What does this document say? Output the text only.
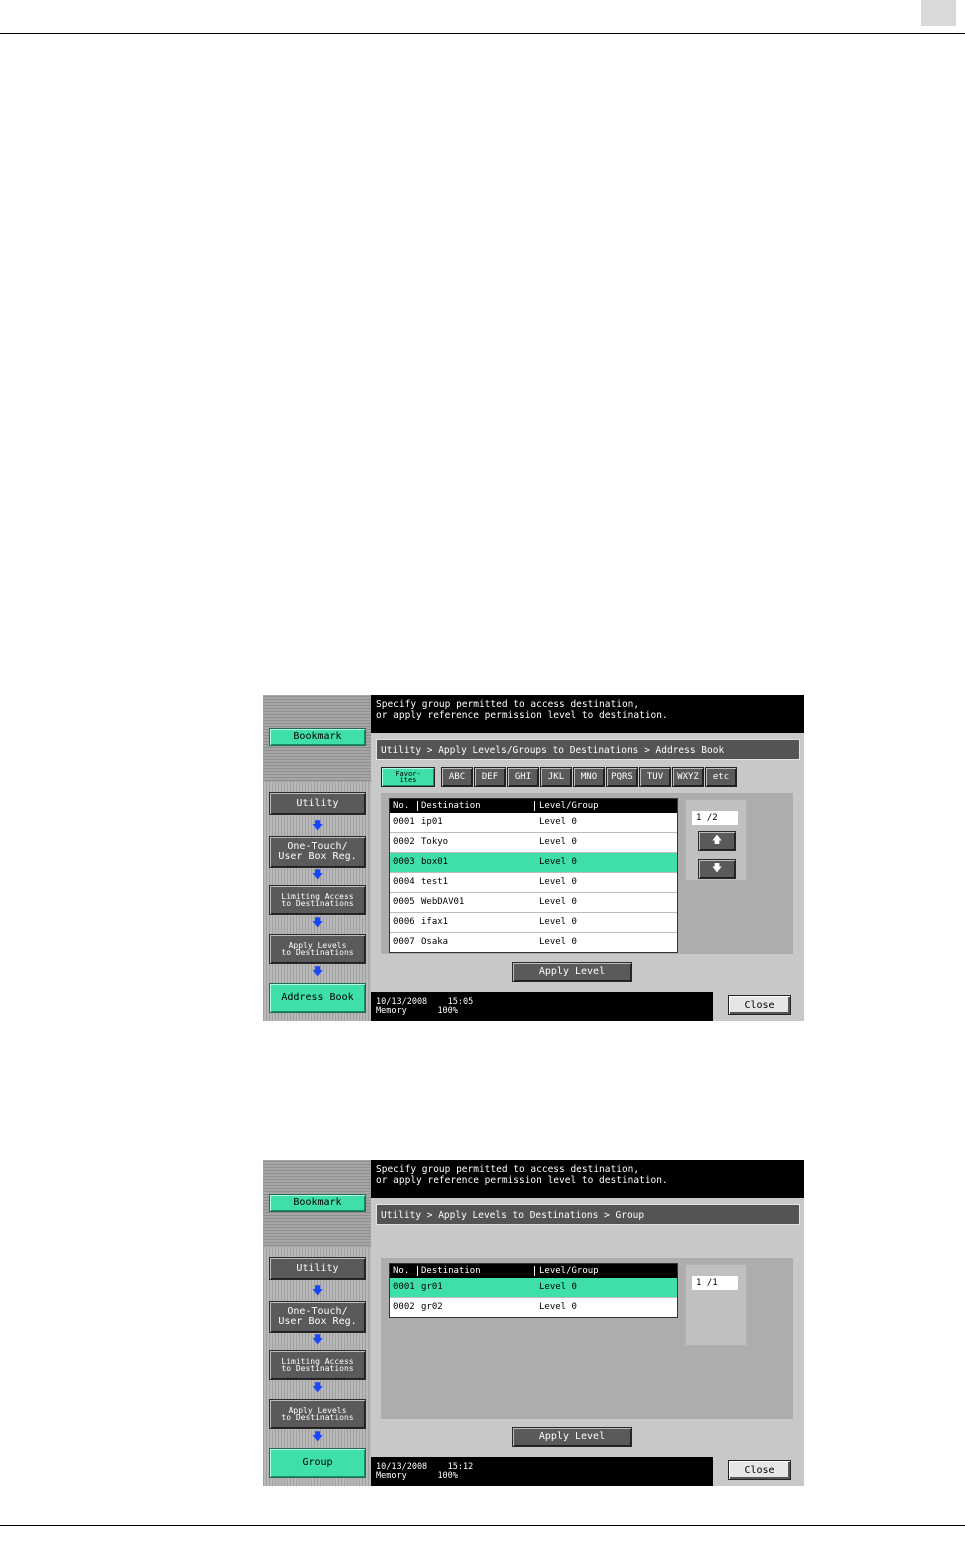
Bookmark
Utility
🡇
One-Touch/
User Box Reg.
🡇
Limiting Access
to Destinations
🡇
Apply Levels
to Destinations
🡇
Address Book
Specify group permitted to access destination,
or apply reference permission level to destination.
Utility > Apply Levels/Groups to Destinations > Address Book
Favor-
ites	ABC	DEF	GHI	JKL	MNO	PQRS	TUV	WXYZ	etc
No. Destination	Level/Group
0001 ip01	Level 0
0002 Tokyo	Level 0
0003 box01	Level 0
0004 test1	Level 0
0005 WebDAV01	Level 0
0006 ifax1	Level 0
0007 Osaka	Level 0
1 /2
🡅
🡇
Apply Level
10/13/2008 15:05
Memory	100%
Close
Bookmark
Utility
🡇
One-Touch/
User Box Reg.
🡇
Limiting Access
to Destinations
🡇
Apply Levels
to Destinations
🡇
Group
Specify group permitted to access destination,
or apply reference permission level to destination.
Utility > Apply Levels to Destinations > Group
No. Destination	Level/Group
0001 gr01	Level 0
0002 gr02	Level 0
1 /1
Apply Level
10/13/2008 15:12
Memory	100%
Close
